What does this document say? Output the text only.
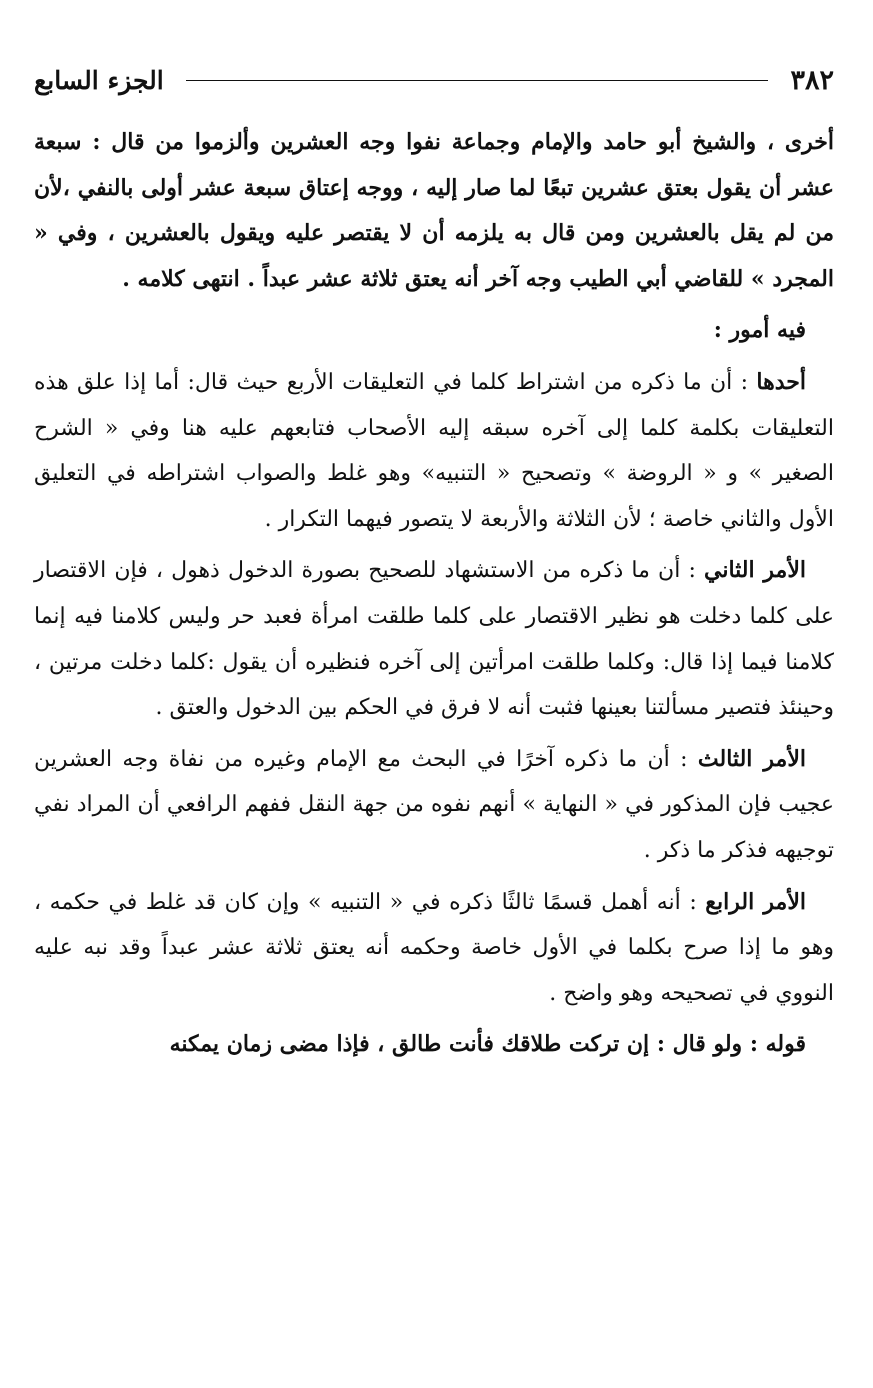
٣٨٢
الجزء السابع

أخرى ، والشيخ أبو حامد والإمام وجماعة نفوا وجه العشرين وألزموا من قال : سبعة عشر أن يقول بعتق عشرين تبعًا لما صار إليه ، ووجه إعتاق سبعة عشر أولى بالنفي ،لأن من لم يقل بالعشرين ومن قال به يلزمه أن لا يقتصر عليه ويقول بالعشرين ، وفي « المجرد » للقاضي أبي الطيب وجه آخر أنه يعتق ثلاثة عشر عبداً . انتهى كلامه .

فيه أمور :

أحدها : أن ما ذكره من اشتراط كلما في التعليقات الأربع حيث قال: أما إذا علق هذه التعليقات بكلمة كلما إلى آخره سبقه إليه الأصحاب فتابعهم عليه هنا وفي « الشرح الصغير » و « الروضة » وتصحيح « التنبيه» وهو غلط والصواب اشتراطه في التعليق الأول والثاني خاصة ؛ لأن الثلاثة والأربعة لا يتصور فيهما التكرار .

الأمر الثاني : أن ما ذكره من الاستشهاد للصحيح بصورة الدخول ذهول ، فإن الاقتصار على كلما دخلت هو نظير الاقتصار على كلما طلقت امرأة فعبد حر وليس كلامنا فيه إنما كلامنا فيما إذا قال: وكلما طلقت امرأتين إلى آخره فنظيره أن يقول :كلما دخلت مرتين ، وحينئذ فتصير مسألتنا بعينها فثبت أنه لا فرق في الحكم بين الدخول والعتق .

الأمر الثالث : أن ما ذكره آخرًا في البحث مع الإمام وغيره من نفاة وجه العشرين عجيب فإن المذكور في « النهاية » أنهم نفوه من جهة النقل ففهم الرافعي أن المراد نفي توجيهه فذكر ما ذكر .

الأمر الرابع : أنه أهمل قسمًا ثالثًا ذكره في « التنبيه » وإن كان قد غلط في حكمه ، وهو ما إذا صرح بكلما في الأول خاصة وحكمه أنه يعتق ثلاثة عشر عبداً وقد نبه عليه النووي في تصحيحه وهو واضح .

قوله : ولو قال : إن تركت طلاقك فأنت طالق ، فإذا مضى زمان يمكنه
